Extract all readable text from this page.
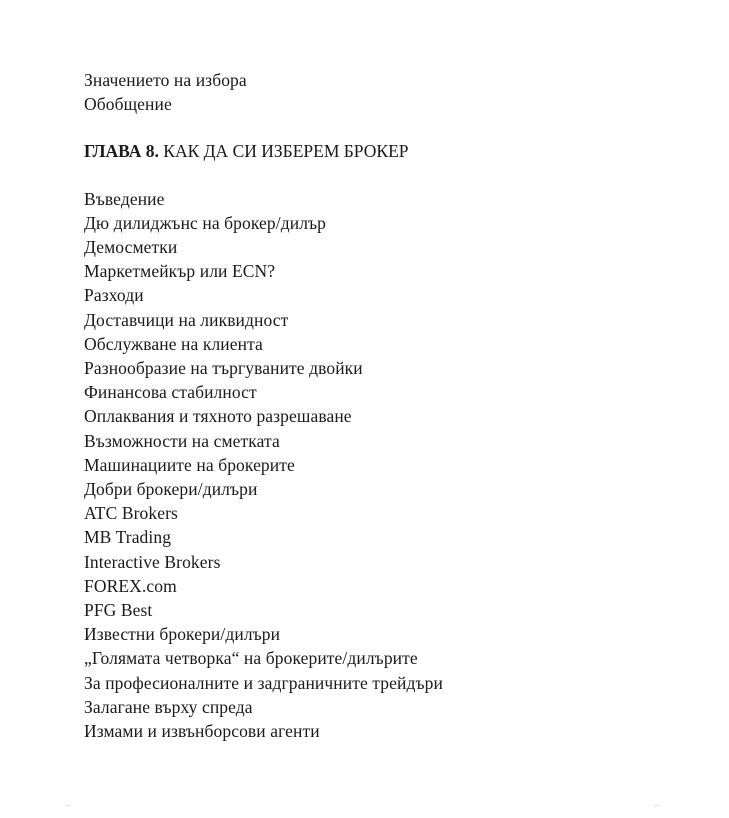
Значението на избора
Обобщение
ГЛАВА 8. КАК ДА СИ ИЗБЕРЕМ БРОКЕР
Въведение
Дю дилиджънс на брокер/дилър
Демосметки
Маркетмейкър или ECN?
Разходи
Доставчици на ликвидност
Обслужване на клиента
Разнообразие на търгуваните двойки
Финансова стабилност
Оплаквания и тяхното разрешаване
Възможности на сметката
Машинациите на брокерите
Добри брокери/дилъри
ATC Brokers
MB Trading
Interactive Brokers
FOREX.com
PFG Best
Известни брокери/дилъри
„Голямата четворка“ на брокерите/дилърите
За професионалните и задграничните трейдъри
Залагане върху спреда
Измами и извънборсови агенти
⌐	⌐
